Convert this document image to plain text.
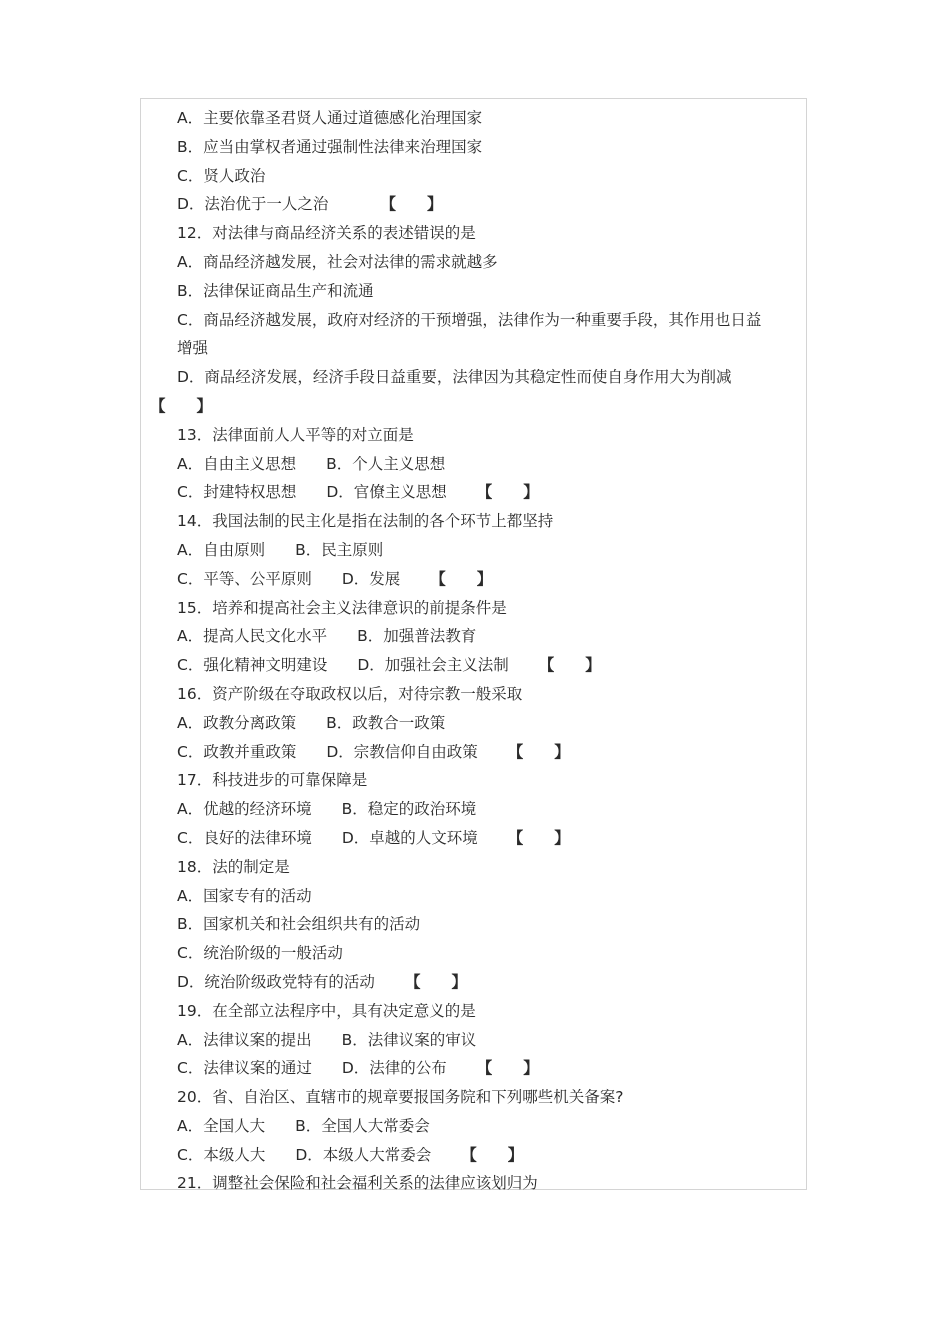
A．主要依靠圣君贤人通过道德感化治理国家
B．应当由掌权者通过强制性法律来治理国家
C．贤人政治
D．法治优于一人之治	【　　】
12．对法律与商品经济关系的表述错误的是
A．商品经济越发展，社会对法律的需求就越多
B．法律保证商品生产和流通
C．商品经济越发展，政府对经济的干预增强，法律作为一种重要手段，其作用也日益
增强
D．商品经济发展，经济手段日益重要，法律因为其稳定性而使自身作用大为削减
【　　】
13．法律面前人人平等的对立面是
A．自由主义思想 B．个人主义思想
C．封建特权思想 D．官僚主义思想 【　　】
14．我国法制的民主化是指在法制的各个环节上都坚持
A．自由原则 B．民主原则
C．平等、公平原则 D．发展 【　　】
15．培养和提高社会主义法律意识的前提条件是
A．提高人民文化水平 B．加强普法教育
C．强化精神文明建设 D．加强社会主义法制 【　　】
16．资产阶级在夺取政权以后，对待宗教一般采取
A．政教分离政策 B．政教合一政策
C．政教并重政策 D．宗教信仰自由政策 【　　】
17．科技进步的可靠保障是
A．优越的经济环境 B．稳定的政治环境
C．良好的法律环境 D．卓越的人文环境 【　　】
18．法的制定是
A．国家专有的活动
B．国家机关和社会组织共有的活动
C．统治阶级的一般活动
D．统治阶级政党特有的活动 【　　】
19．在全部立法程序中，具有决定意义的是
A．法律议案的提出 B．法律议案的审议
C．法律议案的通过 D．法律的公布 【　　】
20．省、自治区、直辖市的规章要报国务院和下列哪些机关备案?
A．全国人大 B．全国人大常委会
C．本级人大 D．本级人大常委会 【　　】
21．调整社会保险和社会福利关系的法律应该划归为
